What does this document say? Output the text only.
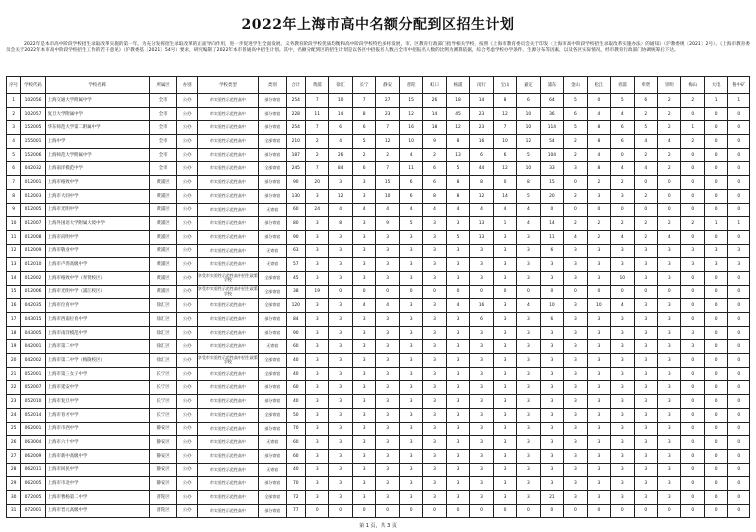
2022年上海市高中名额分配到区招生计划
2022年是本市高中阶段学校招生录取改革实施的第一年。为充分发挥招生录取改革的正面导向作用，进一步促进学生全面发展、义务教育阶段学校优质均衡和高中阶段学校特色多样发展，市、区教育行政部门指导相关学校，按照《上海市教育委员会关于印发〈上海市高中阶段学校招生录取改革实施办法〉的通知》（沪教委规〔2021〕2号）、《上海市教育委员会关于2022年本市高中阶段学校招生工作的若干意见》（沪教委基〔2021〕54号）要求，研究编制了2022年本市普通高中招生计划。其中，名额分配到区的招生计划是以各区中招报名人数占全市中招报名人数的比例为测算依据，综合考虑学校办学条件、生源分布等因素，以及各区实际情况，经市教育行政部门协调统筹后下达。
序号	学校代码	学校名称	所属区	办别	学校类型	类别	合计	黄浦	徐汇	长宁	静安	普陀	虹口	杨浦	闵行	宝山	嘉定	浦东	金山	松江	青浦	奉贤	崇明	梅山	大电	鲁中矿
1	102056	上海交通大学附属中学	全市	公办	市实验性示范性高中	部分寄宿	254	7	10	7	27	15	26	18	14	8	6	64	5	0	5	6	2	2	1	1
2	102057	复旦大学附属中学	全市	公办	市实验性示范性高中	部分寄宿	228	11	14	8	23	12	14	45	23	12	10	36	6	4	4	2	2	0	0	0
3	152005	华东师范大学第二附属中学	全市	公办	市实验性示范性高中	部分寄宿	254	7	6	6	7	16	18	12	23	7	10	114	5	8	6	5	2	1	0	0
4	155001	上海中学	全市	公办	市实验性示范性高中	全部寄宿	210	2	4	5	12	10	9	8	16	10	12	54	2	8	6	4	4	2	0	0
5	152006	上海师范大学附属中学	全市	公办	市实验性示范性高中	部分寄宿	187	2	26	2	2	4	2	13	6	6	5	104	2	4	0	2	2	0	0	0
6	042032	上海南洋模范中学	全市	公办	市实验性示范性高中	全部寄宿	245	7	84	6	7	11	6	5	44	12	10	33	3	8	4	4	2	0	0	0
7	012001	上海市格致中学	黄浦区	公办	市实验性示范性高中	部分寄宿	90	20	3	3	15	6	6	8	8	0	8	15	0	2	2	0	0	0	0	0
8	012003	上海市大同中学	黄浦区	公办	市实验性示范性高中	部分寄宿	130	3	12	3	10	6	8	8	12	14	5	20	2	3	3	2	0	0	0	0
9	012005	上海市光明中学	黄浦区	公办	市实验性示范性高中	无寄宿	60	24	4	4	4	4	4	4	4	4	4	0	0	0	0	0	0	0	0	0
10	012007	上海外国语大学附属大境中学	黄浦区	公办	市实验性示范性高中	部分寄宿	80	3	8	3	9	5	3	3	13	1	4	14	2	2	2	2	2	2	1	1
11	012008	上海市向明中学	黄浦区	公办	市实验性示范性高中	部分寄宿	90	3	3	3	3	3	3	5	13	3	3	11	4	2	4	2	4	0	0	0
12	012009	上海市敬业中学	黄浦区	公办	市实验性示范性高中	无寄宿	63	3	3	3	3	3	3	3	3	3	3	6	3	3	3	3	3	3	3	3
13	012010	上海市卢湾高级中学	黄浦区	公办	市实验性示范性高中	无寄宿	57	3	3	3	3	3	3	3	3	3	3	3	3	3	3	3	3	3	3	3
14	012002	上海市格致中学（奉贤校区）	黄浦区	公办	享受市实验性示范性高中招生政策学校	全部寄宿	45	3	3	3	3	3	3	3	3	3	3	3	3	3	10	3	3	0	0	0
15	012006	上海市光明中学（浦江校区）	黄浦区	公办	享受市实验性示范性高中招生政策学校	全部寄宿	38	19	0	0	0	0	0	0	0	0	0	0	0	0	0	0	0	0	0	0
16	042035	上海市位育中学	徐汇区	公办	市实验性示范性高中	全部寄宿	120	3	3	4	4	3	3	4	16	3	4	10	3	10	4	3	3	0	0	0
17	043015	上海市西南位育中学	徐汇区	公办	市实验性示范性高中	部分寄宿	84	3	3	3	3	3	3	3	6	3	3	6	3	3	3	3	3	0	0	0
18	043005	上海市南洋模范中学	徐汇区	公办	市实验性示范性高中	部分寄宿	90	3	3	3	3	3	3	3	3	3	3	3	3	3	3	3	3	3	0	0
19	042001	上海市第二中学	徐汇区	公办	市实验性示范性高中	无寄宿	60	3	3	3	3	3	3	3	3	3	3	3	3	3	3	3	3	3	0	0
20	042002	上海市第二中学（梅陇校区）	徐汇区	公办	享受市实验性示范性高中招生政策学校	全部寄宿	40	3	3	3	3	3	3	3	3	3	3	3	3	3	3	3	3	0	0	0
21	052001	上海市第三女子中学	长宁区	公办	市实验性示范性高中	全部寄宿	40	3	3	3	3	3	3	3	3	3	3	3	3	3	3	3	3	0	0	0
22	052007	上海市延安中学	长宁区	公办	市实验性示范性高中	部分寄宿	60	3	3	3	3	3	3	3	3	3	3	3	3	3	3	3	3	0	0	0
23	052010	上海市复旦中学	长宁区	公办	市实验性示范性高中	部分寄宿	40	3	3	3	3	3	3	3	3	3	3	3	3	3	3	3	3	0	0	0
24	052014	上海市育才中学	长宁区	公办	市实验性示范性高中	全部寄宿	50	3	3	3	3	3	3	3	3	3	3	3	3	3	3	3	3	0	0	0
25	062001	上海市市西中学	静安区	公办	市实验性示范性高中	部分寄宿	70	3	3	3	3	3	3	3	3	3	3	3	3	3	3	3	3	0	0	0
26	063004	上海市六十中学	静安区	公办	市实验性示范性高中	无寄宿	60	3	3	3	3	3	3	3	3	3	3	3	3	3	3	3	3	0	0	0
27	062009	上海市新中高级中学	静安区	公办	市实验性示范性高中	部分寄宿	60	3	3	3	3	3	3	3	3	3	3	3	3	3	3	3	3	0	0	0
28	062011	上海市回民中学	静安区	公办	市实验性示范性高中	无寄宿	40	3	3	3	3	3	3	3	3	3	3	3	3	3	3	3	3	0	0	0
29	062005	上海市市北中学	静安区	公办	市实验性示范性高中	部分寄宿	70	3	3	3	3	3	3	3	3	3	3	3	3	3	3	3	3	0	0	0
30	072005	上海市曹杨第二中学	普陀区	公办	市实验性示范性高中	全部寄宿	72	3	3	3	3	3	3	3	3	3	3	21	3	3	3	3	3	0	0	0
31	072001	上海市晋元高级中学	普陀区	公办	市实验性示范性高中	部分寄宿	77	0	0	0	0	0	0	0	0	0	0	0	0	0	0	0	0	0	0	0
第 1 页，共 3 页
